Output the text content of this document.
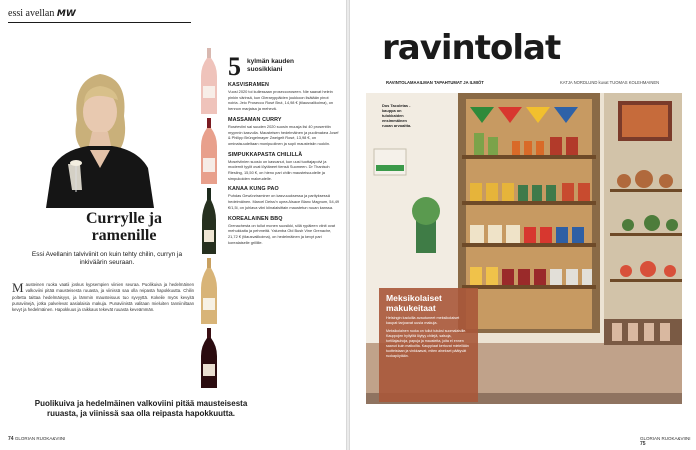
essi avellan MW
Currylle ja ramenille
Essi Avellanin talviviinit on kuin tehty chilin, curryn ja inkiväärin seuraan.
M austeinen ruoka vaatii joskus kypsempien viinien seuraa. Puolikuiva ja hedelmäinen valkoviini pitää mausteisesta ruuasta, ja viinissä saa olla reipasta hapokkuutta. Chilin poltetta taittaa hedelmäisyys, ja lämmin mausteisuus tuo syvyyttä. Kokeile myös kevyitä punaviinejä, jotka palvelevat aasialaisia makuja. Punaviinistä valitaan mieluiten tanniiniltaan kevyt ja hedelmäinen. Hapokkuus ja raikkaus tekevät ruuasta keveämmän.
5 kylmän kauden suosikkiani
KASVISRAMEN

Vuosi 2020 toi kullessaan proseccoroseen. Nie saavat helein pinkin värinsä, kun Gleraryppäiden joukkoon lisätään pinot noiria. Jeio Prosecco Rosé Brut, 14,98 € (tilausvalikoima), on hennon marjaisa ja mehevä.

MASSAMAN CURRY

Roséeviini sai suuden 2020 suosin muusja lisi 40 prosenttin myynnin kasvulla. Mausteisen hedelmäinen ja puolimakea Josef & Philipp Brüngelmayer Zweigelt Rosé, 13,98 €, on ominaisuudeltaan monipuolinen ja sopii mausteisiin ruokiin.

SIMPUKKAPASTA CHILILLÄ

Moselviinien suosio on kasvanut, kun uusi tuottajapolvi ja modernit tyylit ovat löytäneet tiensä Suomeen. Dr Thanisch Riesling, 15,50 €, on hieno pari chilin mausteisuudelle ja simpukoiden makeudelle.

KANAA KUNG PAO

Puhdas Gewürztraminer on kasvuuuksessa ja parityksessä hedelmäinen. Marcel Deiss'n upea Alsace Blanc Magnum, 54,49 €/1,5l, on juhlava viini kiinalaisittain maustetun ruuan kanssa.

KOREALAINEN BBQ

Grenachesta on tullut monen suosikki, sillä rypäleen viinit ovat mehukkaita ja pehmeitä. Yalumba Old Bush Vine Grenache, 21,72 € (tilausvalikoima), on hedelmäinen ja kevyt pari korealaiselle grillille.

Puolikuiva ja hedelmäinen valkoviini pitää mausteisesta ruuasta, ja viinissä saa olla reipasta hapokkuutta.
74 GLORIAN RUOKA&VIINI
ravintolat
RAVINTOLAMAAILMAN TAPAHTUMAT JA ILMIÖT	KATJA NORDLUND kuvat TUOMAS KOLEHMAINEN
Dos Tacoletas -kauppa on tulokkaiden ensimmäinen ruoan arvoaitta.
Meksikolaiset makukeitaat
Helsingin kaduilla avautuneet meksikolaiset kaupat tarjoavat uusia makuja.

Meksikolainen ruoka on tullut tutuksi suomalaisille. Kauppojen hyllyiltä löytyy chilejä, salsoja, tortillajauhoja, papuja ja mausteita, joita ei ennen saanut kuin matkoilta. Kauppiaat kertovat mielellään tuotteistaan ja vinkkaavat, miten ainekset päätyvät ruokapöytään.

GLORIAN RUOKA&VIINI 75
